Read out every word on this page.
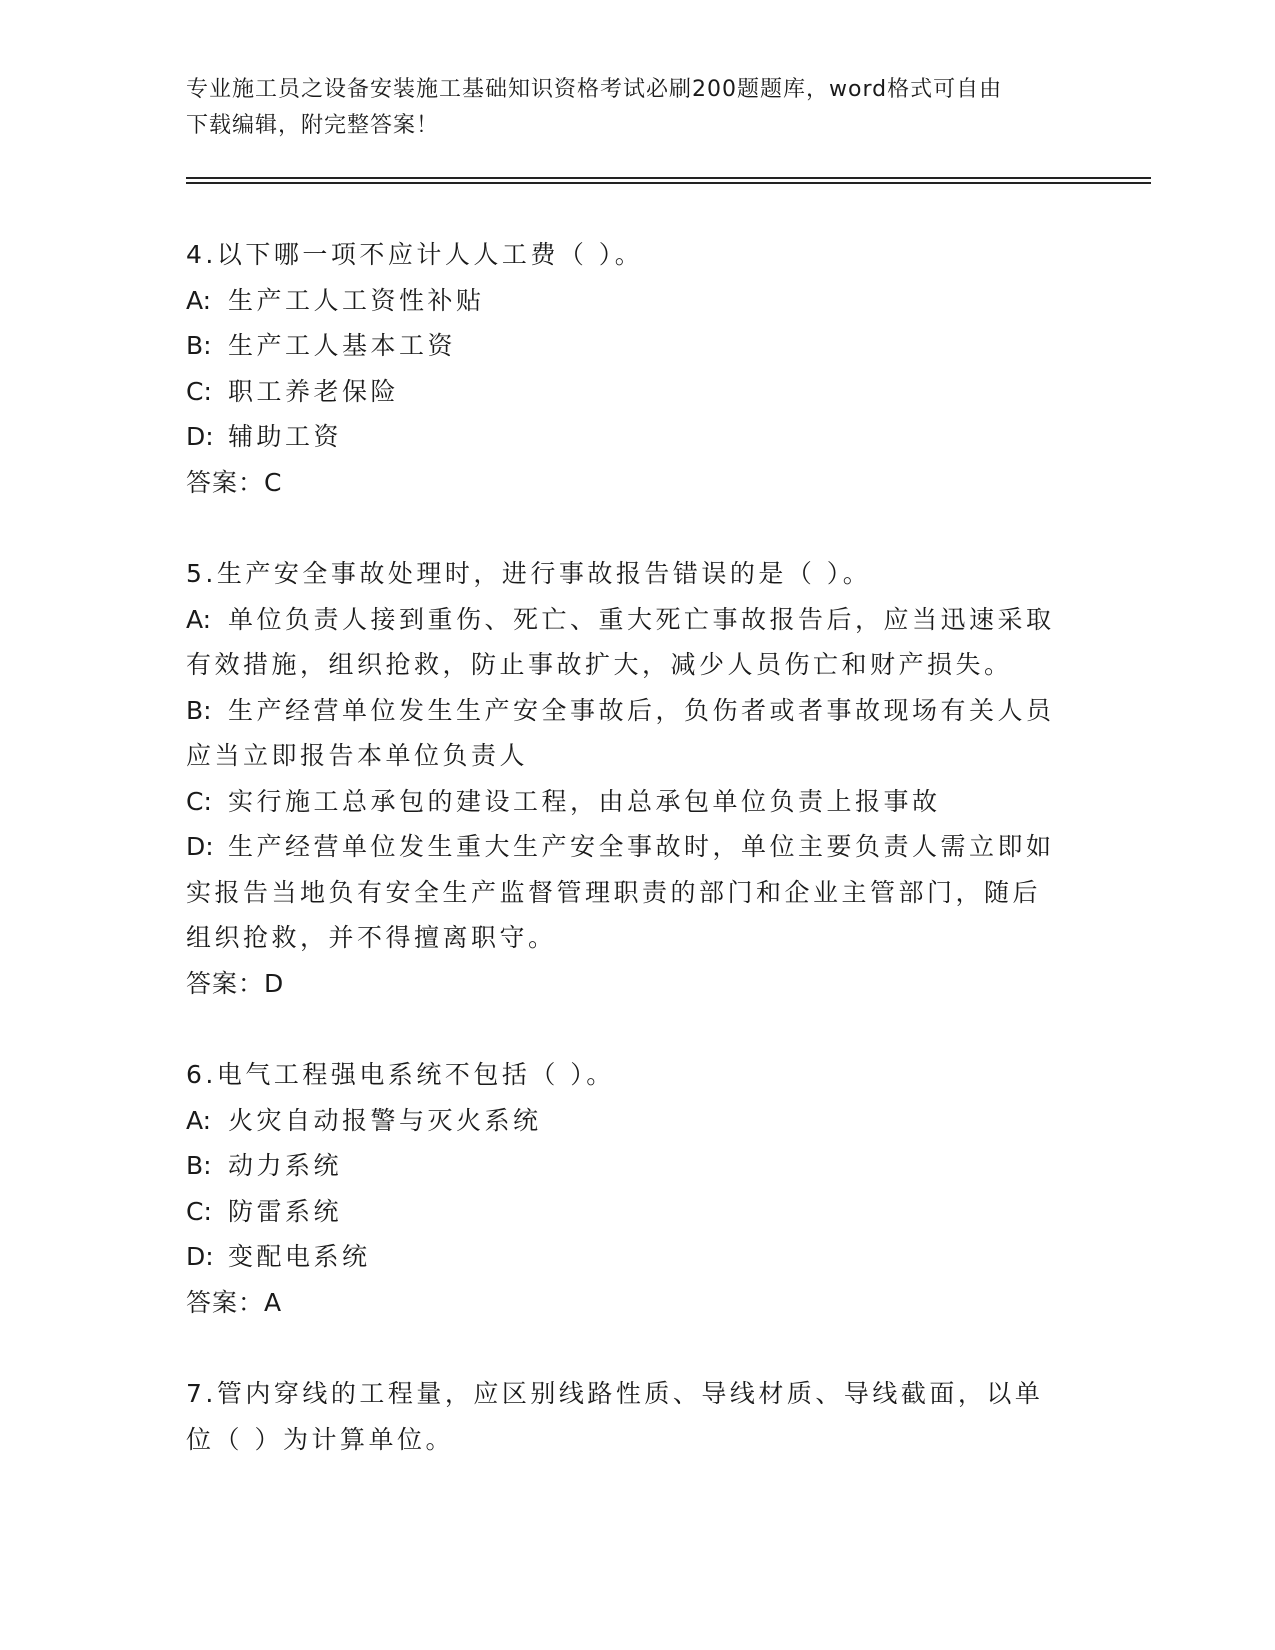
专业施工员之设备安装施工基础知识资格考试必刷200题题库，word格式可自由
下载编辑，附完整答案！
4.以下哪一项不应计人人工费（ ）。
A: 生产工人工资性补贴
B: 生产工人基本工资
C: 职工养老保险
D: 辅助工资
答案：C
5.生产安全事故处理时，进行事故报告错误的是（ ）。
A: 单位负责人接到重伤、死亡、重大死亡事故报告后，应当迅速采取
有效措施，组织抢救，防止事故扩大，减少人员伤亡和财产损失。
B: 生产经营单位发生生产安全事故后，负伤者或者事故现场有关人员
应当立即报告本单位负责人
C: 实行施工总承包的建设工程，由总承包单位负责上报事故
D: 生产经营单位发生重大生产安全事故时，单位主要负责人需立即如
实报告当地负有安全生产监督管理职责的部门和企业主管部门，随后
组织抢救，并不得擅离职守。
答案：D
6.电气工程强电系统不包括（ ）。
A: 火灾自动报警与灭火系统
B: 动力系统
C: 防雷系统
D: 变配电系统
答案：A
7.管内穿线的工程量，应区别线路性质、导线材质、导线截面，以单
位（ ）为计算单位。
